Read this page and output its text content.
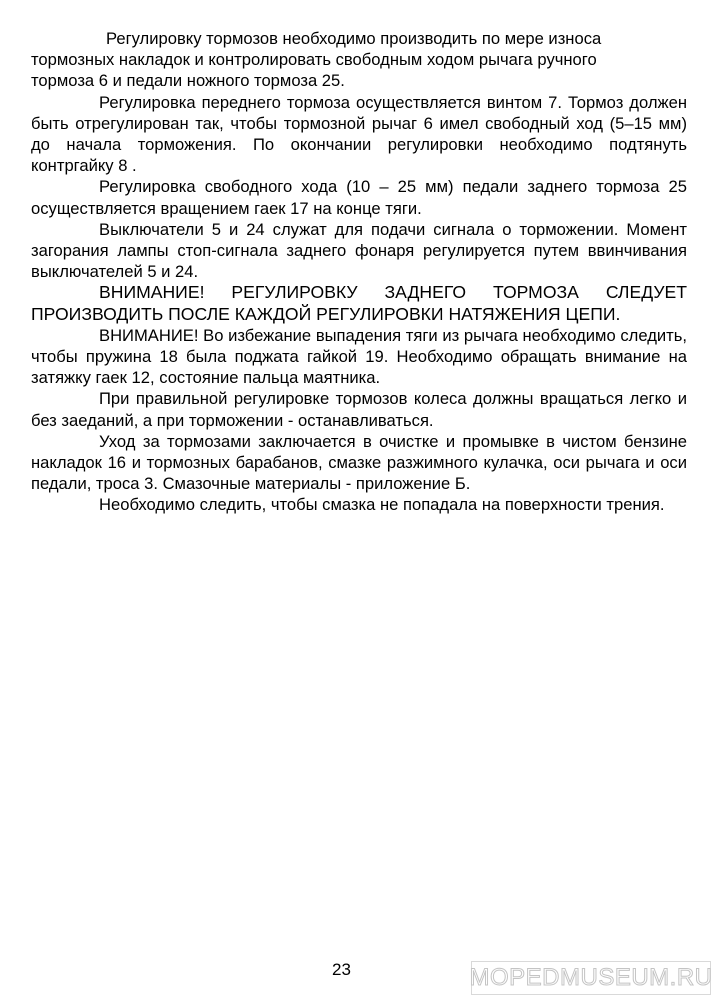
Регулировку тормозов необходимо производить по мере износа тормозных накладок и контролировать свободным ходом рычага ручного тормоза 6 и педали ножного тормоза 25.

Регулировка переднего тормоза осуществляется винтом 7. Тормоз должен быть отрегулирован так, чтобы тормозной рычаг 6 имел свободный ход (5–15 мм) до начала торможения. По окончании регулировки необходимо подтянуть контргайку 8 .

Регулировка свободного хода (10 – 25 мм) педали заднего тормоза 25 осуществляется вращением гаек 17 на конце тяги.

Выключатели 5 и 24 служат для подачи сигнала о торможении. Момент загорания лампы стоп-сигнала заднего фонаря регулируется путем ввинчивания выключателей 5 и 24.

ВНИМАНИЕ! РЕГУЛИРОВКУ ЗАДНЕГО ТОРМОЗА СЛЕДУЕТ ПРОИЗВОДИТЬ ПОСЛЕ КАЖДОЙ РЕГУЛИРОВКИ НАТЯЖЕНИЯ ЦЕПИ.

ВНИМАНИЕ! Во избежание выпадения тяги из рычага необходимо следить, чтобы пружина 18 была поджата гайкой 19. Необходимо обращать внимание на затяжку гаек 12, состояние пальца маятника.

При правильной регулировке тормозов колеса должны вращаться легко и без заеданий, а при торможении - останавливаться.

Уход за тормозами заключается в очистке и промывке в чистом бензине накладок 16 и тормозных барабанов, смазке разжимного кулачка, оси рычага и оси педали, троса 3. Смазочные материалы - приложение Б.

Необходимо следить, чтобы смазка не попадала на поверхности трения.

23	MOPEDMUSEUM.RU
